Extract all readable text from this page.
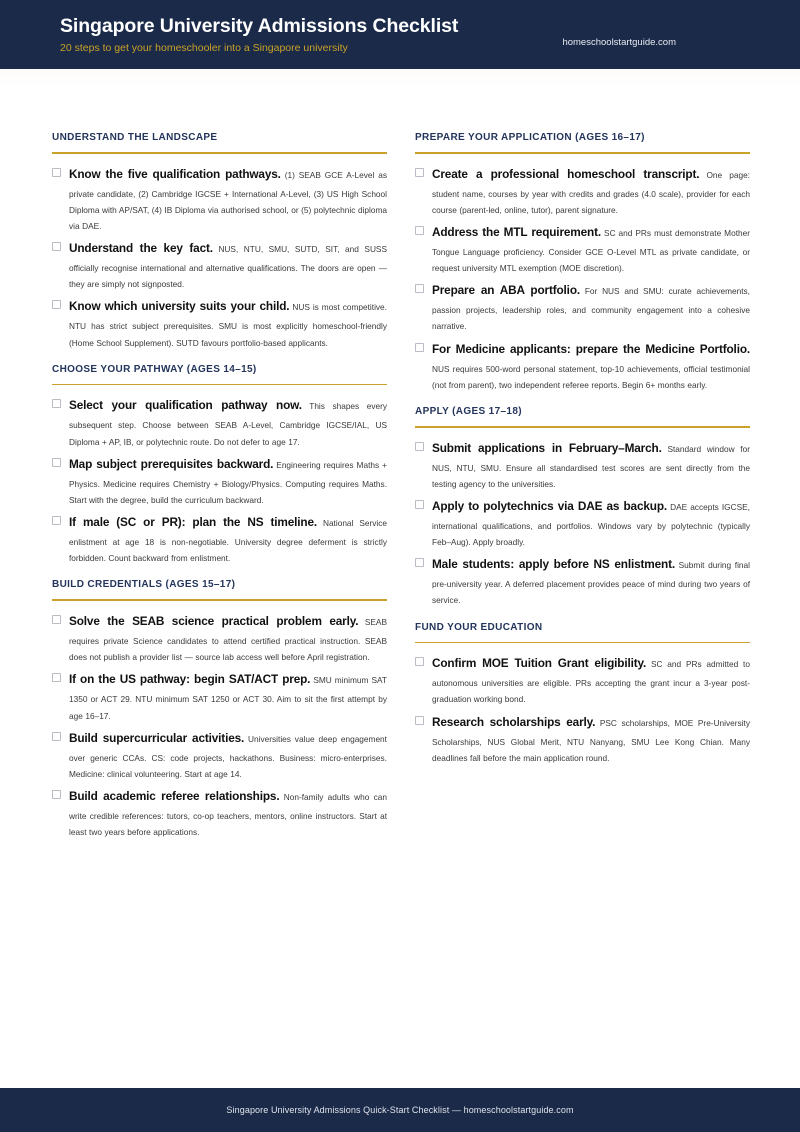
Singapore University Admissions Checklist
20 steps to get your homeschooler into a Singapore university	homeschoolstartguide.com
UNDERSTAND THE LANDSCAPE
Know the five qualification pathways. (1) SEAB GCE A-Level as private candidate, (2) Cambridge IGCSE + International A-Level, (3) US High School Diploma with AP/SAT, (4) IB Diploma via authorised school, or (5) polytechnic diploma via DAE.
Understand the key fact. NUS, NTU, SMU, SUTD, SIT, and SUSS officially recognise international and alternative qualifications. The doors are open — they are simply not signposted.
Know which university suits your child. NUS is most competitive. NTU has strict subject prerequisites. SMU is most explicitly homeschool-friendly (Home School Supplement). SUTD favours portfolio-based applicants.
CHOOSE YOUR PATHWAY (AGES 14–15)
Select your qualification pathway now. This shapes every subsequent step. Choose between SEAB A-Level, Cambridge IGCSE/IAL, US Diploma + AP, IB, or polytechnic route. Do not defer to age 17.
Map subject prerequisites backward. Engineering requires Maths + Physics. Medicine requires Chemistry + Biology/Physics. Computing requires Maths. Start with the degree, build the curriculum backward.
If male (SC or PR): plan the NS timeline. National Service enlistment at age 18 is non-negotiable. University degree deferment is strictly forbidden. Count backward from enlistment.
BUILD CREDENTIALS (AGES 15–17)
Solve the SEAB science practical problem early. SEAB requires private Science candidates to attend certified practical instruction. SEAB does not publish a provider list — source lab access well before April registration.
If on the US pathway: begin SAT/ACT prep. SMU minimum SAT 1350 or ACT 29. NTU minimum SAT 1250 or ACT 30. Aim to sit the first attempt by age 16–17.
Build supercurricular activities. Universities value deep engagement over generic CCAs. CS: code projects, hackathons. Business: micro-enterprises. Medicine: clinical volunteering. Start at age 14.
Build academic referee relationships. Non-family adults who can write credible references: tutors, co-op teachers, mentors, online instructors. Start at least two years before applications.
PREPARE YOUR APPLICATION (AGES 16–17)
Create a professional homeschool transcript. One page: student name, courses by year with credits and grades (4.0 scale), provider for each course (parent-led, online, tutor), parent signature.
Address the MTL requirement. SC and PRs must demonstrate Mother Tongue Language proficiency. Consider GCE O-Level MTL as private candidate, or request university MTL exemption (MOE discretion).
Prepare an ABA portfolio. For NUS and SMU: curate achievements, passion projects, leadership roles, and community engagement into a cohesive narrative.
For Medicine applicants: prepare the Medicine Portfolio. NUS requires 500-word personal statement, top-10 achievements, official testimonial (not from parent), two independent referee reports. Begin 6+ months early.
APPLY (AGES 17–18)
Submit applications in February–March. Standard window for NUS, NTU, SMU. Ensure all standardised test scores are sent directly from the testing agency to the universities.
Apply to polytechnics via DAE as backup. DAE accepts IGCSE, international qualifications, and portfolios. Windows vary by polytechnic (typically Feb–Aug). Apply broadly.
Male students: apply before NS enlistment. Submit during final pre-university year. A deferred placement provides peace of mind during two years of service.
FUND YOUR EDUCATION
Confirm MOE Tuition Grant eligibility. SC and PRs admitted to autonomous universities are eligible. PRs accepting the grant incur a 3-year post-graduation working bond.
Research scholarships early. PSC scholarships, MOE Pre-University Scholarships, NUS Global Merit, NTU Nanyang, SMU Lee Kong Chian. Many deadlines fall before the main application round.
Singapore University Admissions Quick-Start Checklist — homeschoolstartguide.com
